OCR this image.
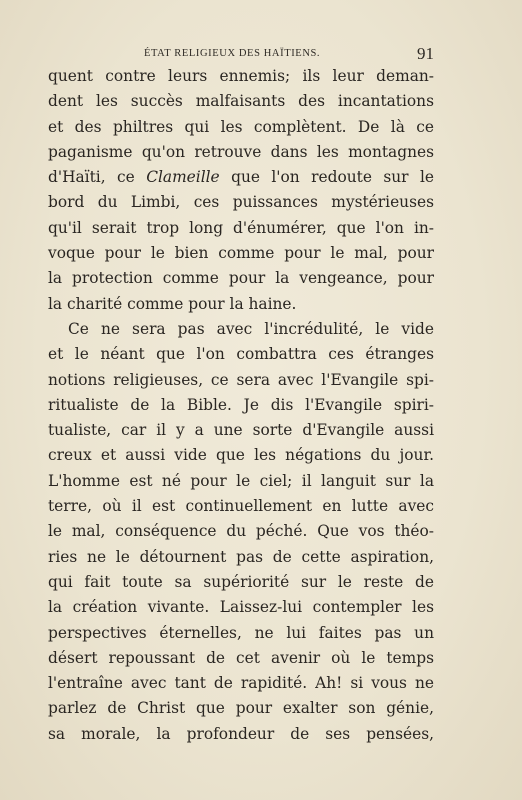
ÉTAT RELIGIEUX DES HAÏTIENS.	91
quent contre leurs ennemis; ils leur deman-
dent les succès malfaisants des incantations
et des philtres qui les complètent. De là ce
paganisme qu'on retrouve dans les montagnes
d'Haïti, ce Clameille que l'on redoute sur le
bord du Limbi, ces puissances mystérieuses
qu'il serait trop long d'énumérer, que l'on in-
voque pour le bien comme pour le mal, pour
la protection comme pour la vengeance, pour
la charité comme pour la haine.
Ce ne sera pas avec l'incrédulité, le vide
et le néant que l'on combattra ces étranges
notions religieuses, ce sera avec l'Evangile spi-
ritualiste de la Bible. Je dis l'Evangile spiri-
tualiste, car il y a une sorte d'Evangile aussi
creux et aussi vide que les négations du jour.
L'homme est né pour le ciel; il languit sur la
terre, où il est continuellement en lutte avec
le mal, conséquence du péché. Que vos théo-
ries ne le détournent pas de cette aspiration,
qui fait toute sa supériorité sur le reste de
la création vivante. Laissez-lui contempler les
perspectives éternelles, ne lui faites pas un
désert repoussant de cet avenir où le temps
l'entraîne avec tant de rapidité. Ah! si vous ne
parlez de Christ que pour exalter son génie,
sa morale, la profondeur de ses pensées,
